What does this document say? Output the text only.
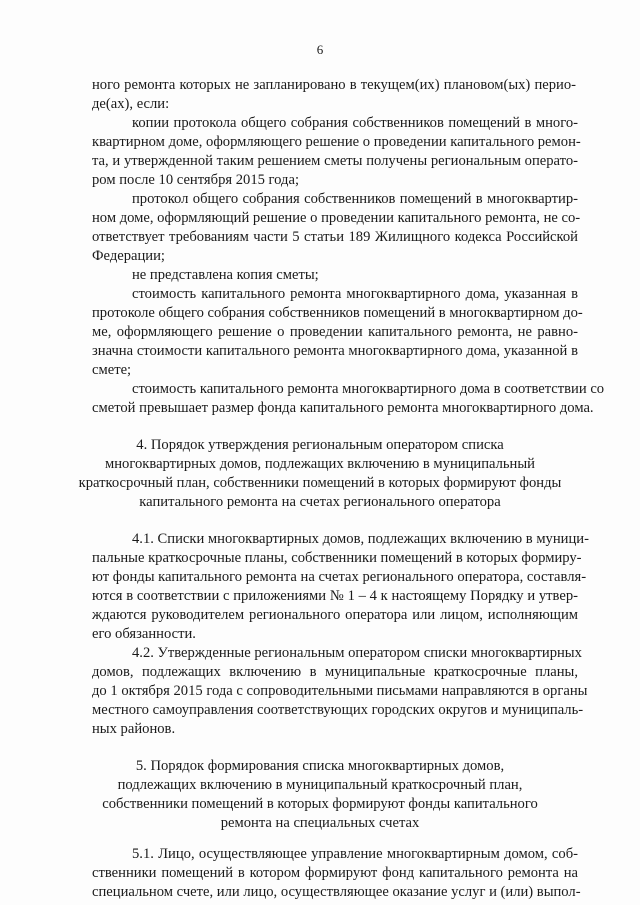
6
ного ремонта которых не запланировано в текущем(их) плановом(ых) перио-
де(ах), если:
копии протокола общего собрания собственников помещений в много-
квартирном доме, оформляющего решение о проведении капитального ремон-
та, и утвержденной таким решением сметы получены региональным операто-
ром после 10 сентября 2015 года;
протокол общего собрания собственников помещений в многоквартир-
ном доме, оформляющий решение о проведении капитального ремонта, не со-
ответствует требованиям части 5 статьи 189 Жилищного кодекса Российской
Федерации;
не представлена копия сметы;
стоимость капитального ремонта многоквартирного дома, указанная в
протоколе общего собрания собственников помещений в многоквартирном до-
ме, оформляющего решение о проведении капитального ремонта, не равно-
значна стоимости капитального ремонта многоквартирного дома, указанной в
смете;
стоимость капитального ремонта многоквартирного дома в соответствии со
сметой превышает размер фонда капитального ремонта многоквартирного дома.
4. Порядок утверждения региональным оператором списка
многоквартирных домов, подлежащих включению в муниципальный
краткосрочный план, собственники помещений в которых формируют фонды
капитального ремонта на счетах регионального оператора
4.1. Списки многоквартирных домов, подлежащих включению в муници-
пальные краткосрочные планы, собственники помещений в которых формиру-
ют фонды капитального ремонта на счетах регионального оператора, составля-
ются в соответствии с приложениями № 1 – 4 к настоящему Порядку и утвер-
ждаются руководителем регионального оператора или лицом, исполняющим
его обязанности.
4.2. Утвержденные региональным оператором списки многоквартирных
домов, подлежащих включению в муниципальные краткосрочные планы,
до 1 октября 2015 года с сопроводительными письмами направляются в органы
местного самоуправления соответствующих городских округов и муниципаль-
ных районов.
5. Порядок формирования списка многоквартирных домов,
подлежащих включению в муниципальный краткосрочный план,
собственники помещений в которых формируют фонды капитального
ремонта на специальных счетах
5.1. Лицо, осуществляющее управление многоквартирным домом, соб-
ственники помещений в котором формируют фонд капитального ремонта на
специальном счете, или лицо, осуществляющее оказание услуг и (или) выпол-
